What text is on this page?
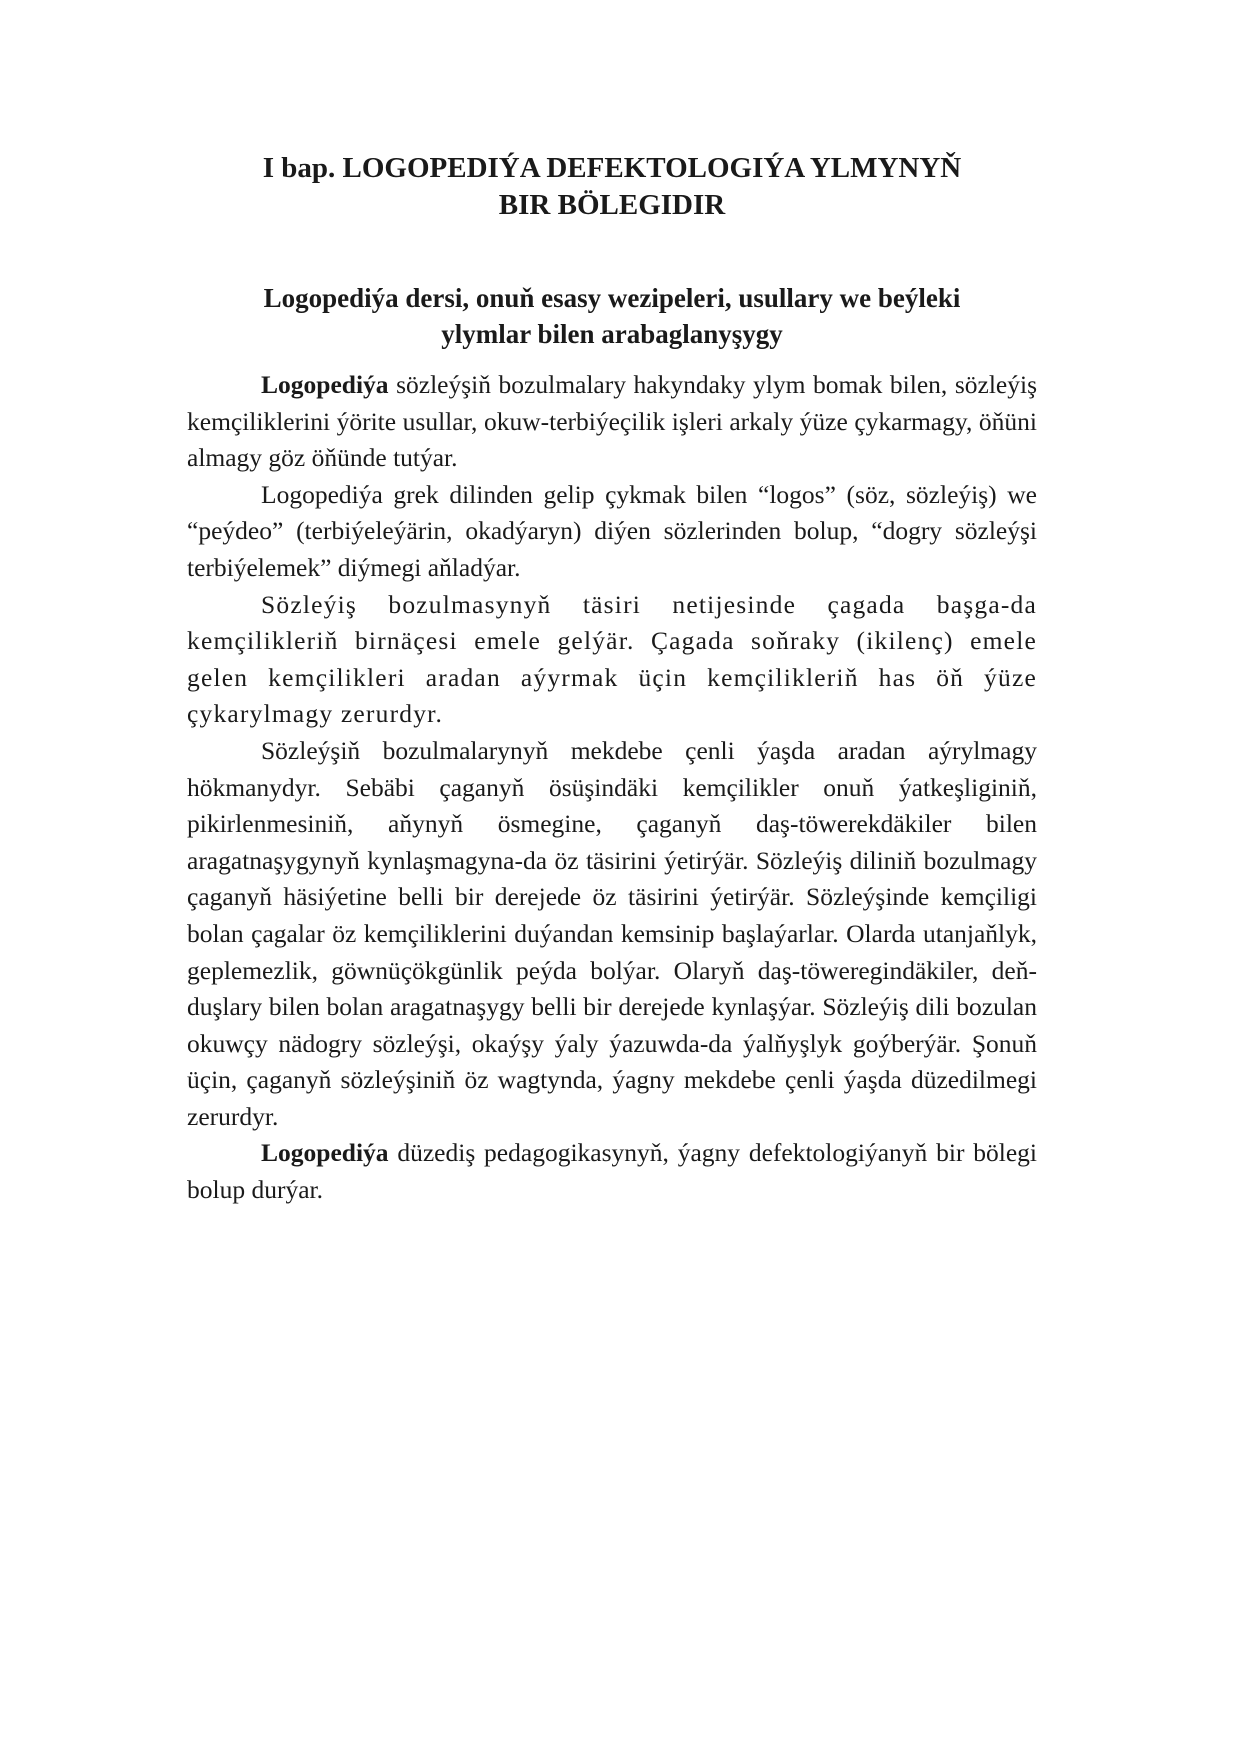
I bap. LOGOPEDIÝA DEFEKTOLOGIÝA YLMYNYŇ
BIR BÖLEGIDIR
Logopediýa dersi, onuň esasy wezipeleri, usullary we beýleki
ylymlar bilen arabaglanyşygy

Logopediýa sözleýşiň bozulmalary hakyndaky ylym bomak bilen, sözleýiş kemçiliklerini ýörite usullar, okuw-terbiýeçilik işleri arkaly ýüze çykarmagy, öňüni almagy göz öňünde tutýar.

Logopediýa grek dilinden gelip çykmak bilen “logos” (söz, sözleýiş) we “peýdeo” (terbiýeleýärin, okadýaryn) diýen sözlerinden bolup, “dogry sözleýşi terbiýelemek” diýmegi aňladýar.

Sözleýiş bozulmasynyň täsiri netijesinde çagada başga-da kemçilikleriň birnäçesi emele gelýär. Çagada soňraky (ikilenç) emele gelen kemçilikleri aradan aýyrmak üçin kemçilikleriň has öň ýüze çykarylmagy zerurdyr.

Sözleýşiň bozulmalarynyň mekdebe çenli ýaşda aradan aýrylmagy hökmanydyr. Sebäbi çaganyň ösüşindäki kemçilikler onuň ýatkeşliginiň, pikirlenmesiniň, aňynyň ösmegine, çaganyň daş-töwerekdäkiler bilen aragatnaşygynyň kynlaşmagyna-da öz täsirini ýetirýär. Sözleýiş diliniň bozulmagy çaganyň häsiýetine belli bir derejede öz täsirini ýetirýär. Sözleýşinde kemçiligi bolan çagalar öz kemçiliklerini duýandan kemsinip başlaýarlar. Olarda utanjaňlyk, geplemezlik, göwnüçökgünlik peýda bolýar. Olaryň daş-töweregindäkiler, deň-duşlary bilen bolan aragatnaşygy belli bir derejede kynlaşýar. Sözleýiş dili bozulan okuwçy nädogry sözleýşi, okaýşy ýaly ýazuwda-da ýalňyşlyk goýberýär. Şonuň üçin, çaganyň sözleýşiniň öz wagtynda, ýagny mekdebe çenli ýaşda düzedilmegi zerurdyr.

Logopediýa düzediş pedagogikasynyň, ýagny defektologiýanyň bir bölegi bolup durýar.
